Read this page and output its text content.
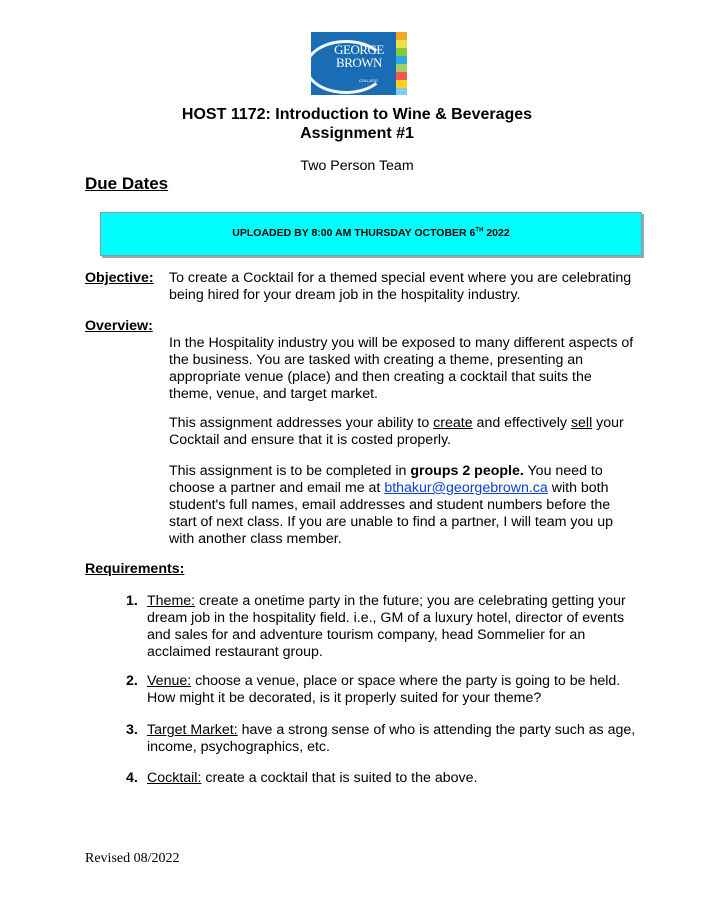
GEORGE
BROWN
COLLEGE
HOST 1172: Introduction to Wine & Beverages
Assignment #1
Two Person Team
Due Dates
UPLOADED BY 8:00 AM THURSDAY OCTOBER 6TH 2022
Objective: To create a Cocktail for a themed special event where you are celebrating being hired for your dream job in the hospitality industry.
Overview:
In the Hospitality industry you will be exposed to many different aspects of the business. You are tasked with creating a theme, presenting an appropriate venue (place) and then creating a cocktail that suits the theme, venue, and target market.
This assignment addresses your ability to create and effectively sell your Cocktail and ensure that it is costed properly.
This assignment is to be completed in groups 2 people. You need to choose a partner and email me at bthakur@georgebrown.ca with both student's full names, email addresses and student numbers before the start of next class. If you are unable to find a partner, I will team you up with another class member.
Requirements:
1. Theme: create a onetime party in the future; you are celebrating getting your dream job in the hospitality field. i.e., GM of a luxury hotel, director of events and sales for and adventure tourism company, head Sommelier for an acclaimed restaurant group.
2. Venue: choose a venue, place or space where the party is going to be held. How might it be decorated, is it properly suited for your theme?
3. Target Market: have a strong sense of who is attending the party such as age, income, psychographics, etc.
4. Cocktail: create a cocktail that is suited to the above.
Revised 08/2022
